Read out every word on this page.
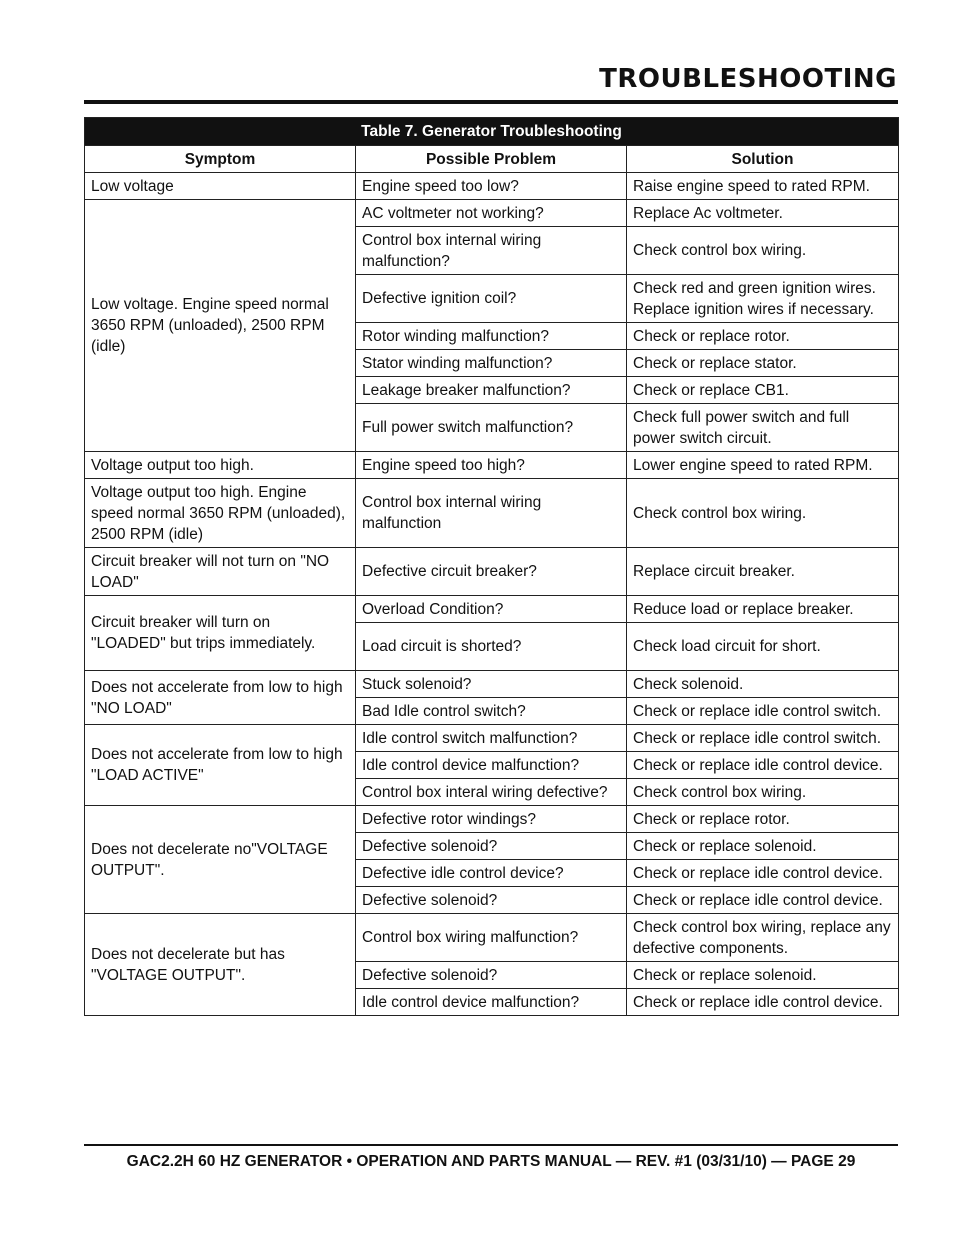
TROUBLESHOOTING
Table 7. Generator Troubleshooting		
Symptom	Possible Problem	Solution
Low voltage	Engine speed too low?	Raise engine speed to rated RPM.
Low voltage. Engine speed normal 3650 RPM (unloaded), 2500 RPM (idle)	AC voltmeter not working?	Replace Ac voltmeter.
	Control box internal wiring malfunction?	Check control box wiring.
	Defective ignition coil?	Check red and green ignition wires. Replace ignition wires if necessary.
	Rotor winding malfunction?	Check or replace rotor.
	Stator winding malfunction?	Check or replace stator.
	Leakage breaker malfunction?	Check or replace CB1.
	Full power switch malfunction?	Check full power switch and full power switch circuit.
Voltage output too high.	Engine speed too high?	Lower engine speed to rated RPM.
Voltage output too high. Engine speed normal 3650 RPM (unloaded), 2500 RPM (idle)	Control box internal wiring malfunction	Check control box wiring.
Circuit breaker will not turn on "NO LOAD"	Defective circuit breaker?	Replace circuit breaker.
Circuit breaker will turn on "LOADED" but trips immediately.	Overload Condition?	Reduce load or replace breaker.
	Load circuit is shorted?	Check load circuit for short.
Does not accelerate from low to high "NO LOAD"	Stuck solenoid?	Check solenoid.
	Bad Idle control switch?	Check or replace idle control switch.
Does not accelerate from low to high "LOAD ACTIVE"	Idle control switch malfunction?	Check or replace idle control switch.
	Idle control device malfunction?	Check or replace idle control device.
	Control box interal wiring defective?	Check control box wiring.
Does not decelerate no"VOLTAGE OUTPUT".	Defective rotor windings?	Check or replace rotor.
	Defective solenoid?	Check or replace solenoid.
	Defective idle control device?	Check or replace idle control device.
	Defective solenoid?	Check or replace idle control device.
Does not decelerate but has "VOLTAGE OUTPUT".	Control box wiring malfunction?	Check control box wiring, replace any defective components.
	Defective solenoid?	Check or replace solenoid.
	Idle control device malfunction?	Check or replace idle control device.
GAC2.2H 60 HZ GENERATOR • OPERATION AND PARTS MANUAL — REV. #1 (03/31/10) — PAGE 29
